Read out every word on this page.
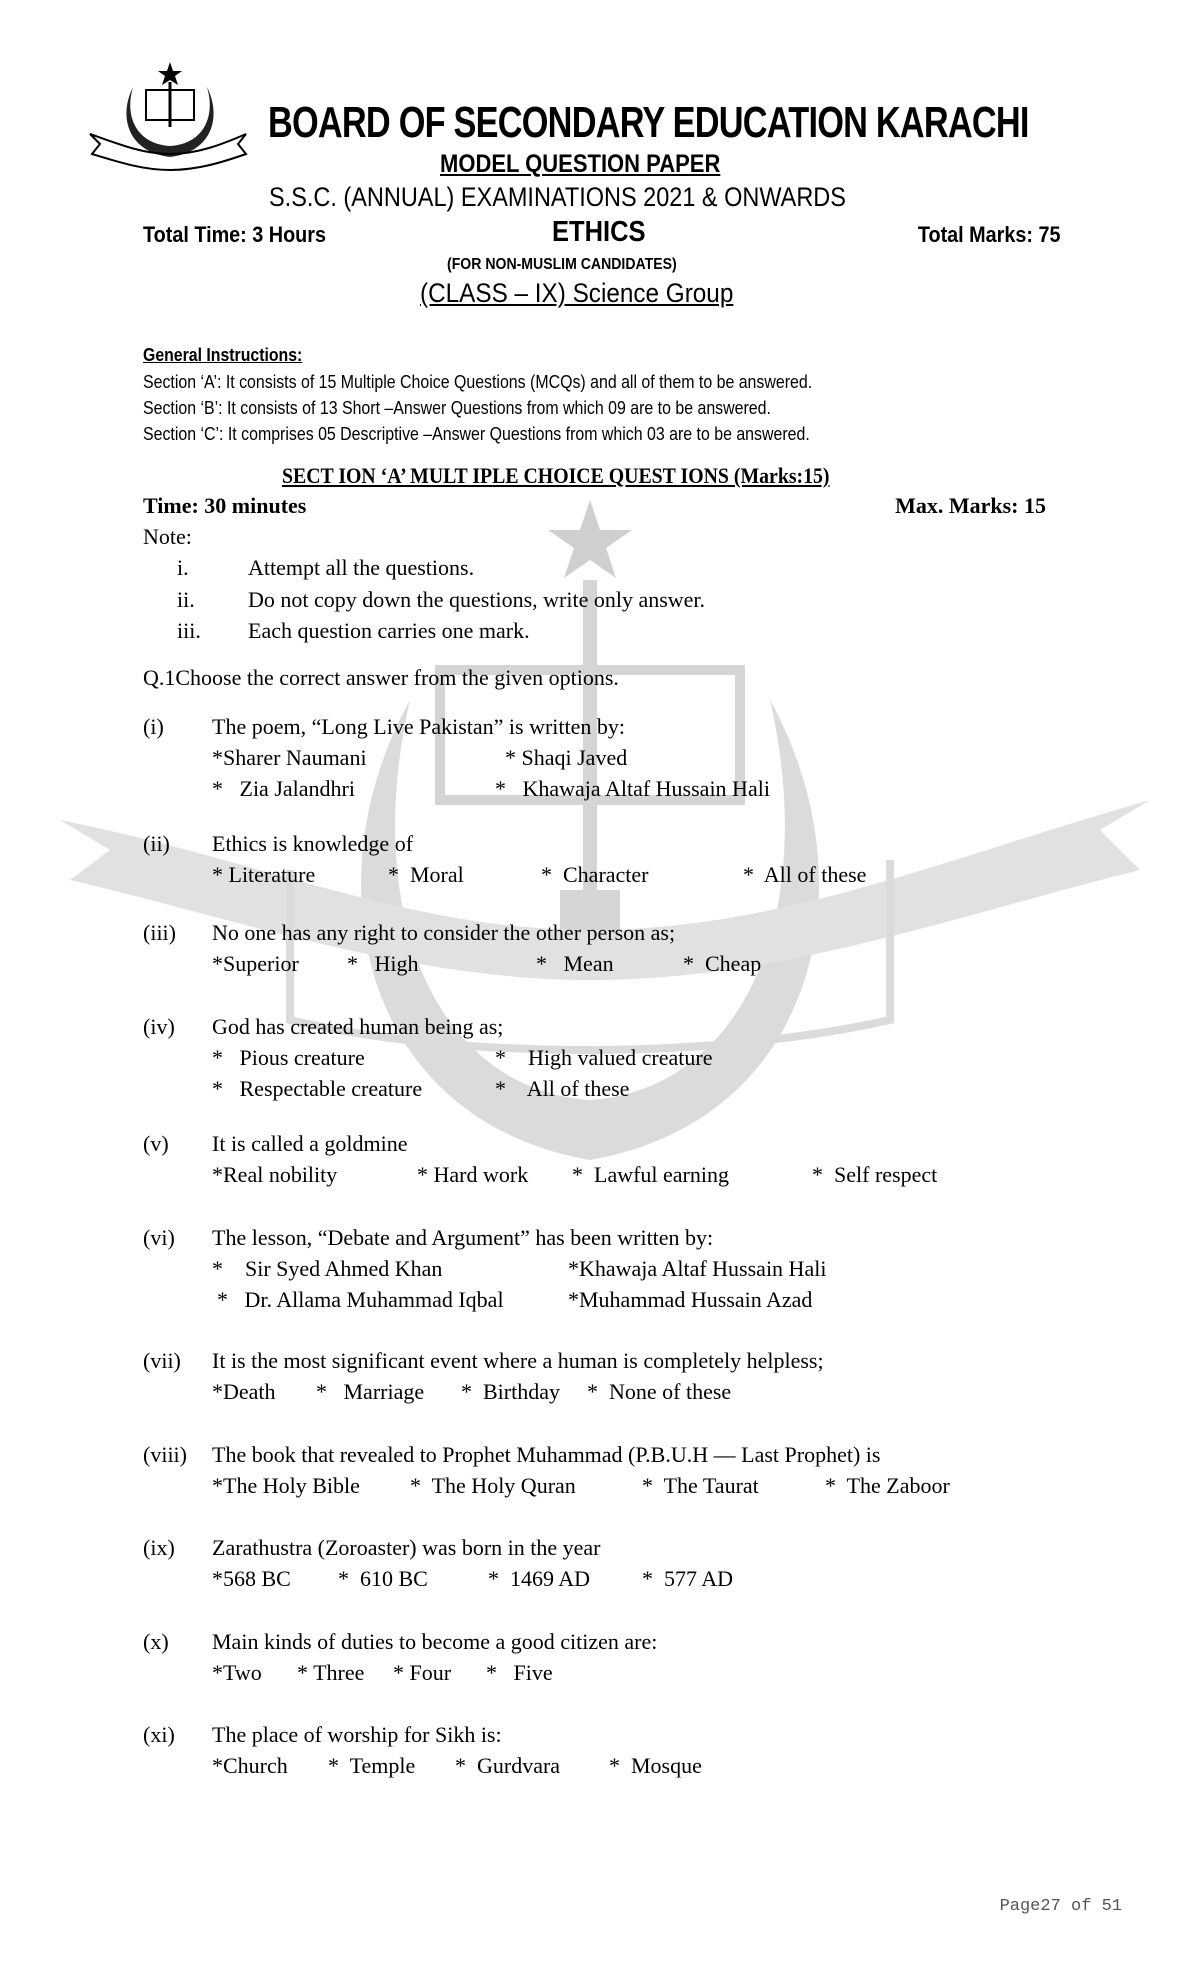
BOARD OF SECONDARY EDUCATION KARACHI
MODEL QUESTION PAPER
S.S.C. (ANNUAL) EXAMINATIONS 2021 & ONWARDS
Total Time: 3 Hours	ETHICS	Total Marks: 75
(FOR NON-MUSLIM CANDIDATES)
(CLASS – IX) Science Group
General Instructions:
Section ‘A’: It consists of 15 Multiple Choice Questions (MCQs) and all of them to be answered.
Section ‘B’: It consists of 13 Short –Answer Questions from which 09 are to be answered.
Section ‘C’: It comprises 05 Descriptive –Answer Questions from which 03 are to be answered.
SECT ION ‘A’ MULT IPLE CHOICE QUEST IONS (Marks:15)
Time: 30 minutes	Max. Marks: 15
Note:
i.	Attempt all the questions.
ii. Do not copy down the questions, write only answer.
iii. Each question carries one mark.
Q.1Choose the correct answer from the given options.
(i) The poem, “Long Live Pakistan” is written by:
*Sharer Naumani	* Shaqi Javed
*   Zia Jalandhri	*   Khawaja Altaf Hussain Hali
(ii) Ethics is knowledge of
* Literature	*  Moral	*  Character	*  All of these
(iii) No one has any right to consider the other person as;
*Superior *   High	*   Mean	*  Cheap
(iv) God has created human being as;
*   Pious creature	*    High valued creature
*   Respectable creature	*    All of these
(v) It is called a goldmine
*Real nobility	* Hard work *  Lawful earning	*  Self respect
(vi) The lesson, “Debate and Argument” has been written by:
*    Sir Syed Ahmed Khan	*Khawaja Altaf Hussain Hali
*   Dr. Allama Muhammad Iqbal	*Muhammad Hussain Azad
(vii) It is the most significant event where a human is completely helpless;
*Death *   Marriage *  Birthday *  None of these
(viii) The book that revealed to Prophet Muhammad (P.B.U.H — Last Prophet) is
*The Holy Bible *  The Holy Quran	*  The Taurat	*  The Zaboor
(ix) Zarathustra (Zoroaster) was born in the year
*568 BC *  610 BC	*  1469 AD *  577 AD
(x) Main kinds of duties to become a good citizen are:
*Two * Three * Four *   Five
(xi) The place of worship for Sikh is:
*Church *  Temple *  Gurdvara *  Mosque
Page27 of 51
